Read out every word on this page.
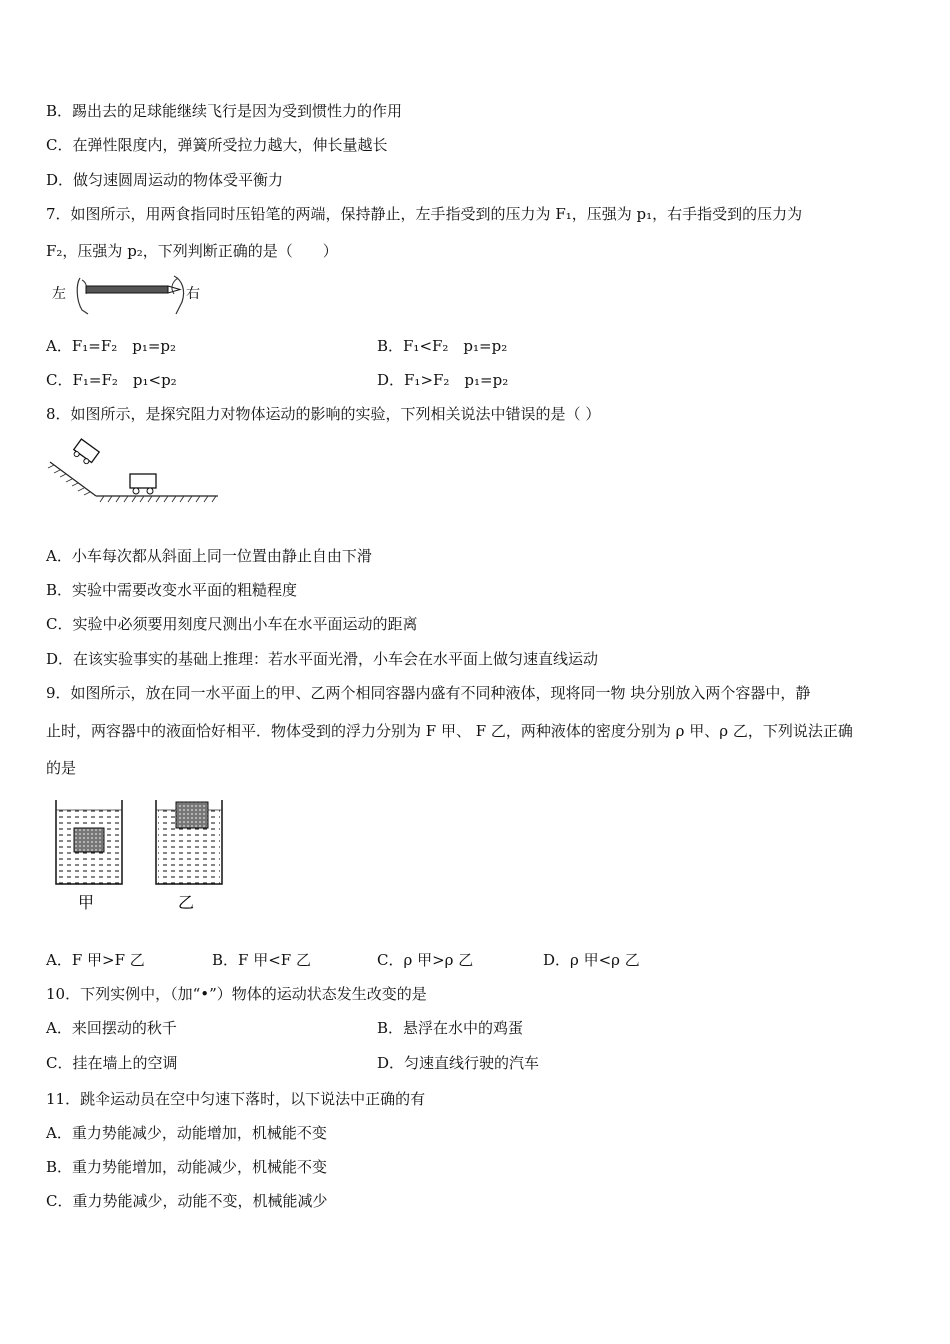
B．踢出去的足球能继续飞行是因为受到惯性力的作用
C．在弹性限度内，弹簧所受拉力越大，伸长量越长
D．做匀速圆周运动的物体受平衡力
7．如图所示，用两食指同时压铅笔的两端，保持静止，左手指受到的压力为 F₁，压强为 p₁，右手指受到的压力为
F₂，压强为 p₂，下列判断正确的是（　　）
左	右
A．F₁=F₂　p₁=p₂	B．F₁<F₂　p₁=p₂
C．F₁=F₂　p₁<p₂	D．F₁>F₂　p₁=p₂
8．如图所示，是探究阻力对物体运动的影响的实验，下列相关说法中错误的是（ ）
A．小车每次都从斜面上同一位置由静止自由下滑
B．实验中需要改变水平面的粗糙程度
C．实验中必须要用刻度尺测出小车在水平面运动的距离
D．在该实验事实的基础上推理：若水平面光滑，小车会在水平面上做匀速直线运动
9．如图所示，放在同一水平面上的甲、乙两个相同容器内盛有不同种液体，现将同一物 块分别放入两个容器中，静
止时，两容器中的液面恰好相平．物体受到的浮力分别为 F 甲、 F 乙，两种液体的密度分别为 ρ 甲、ρ 乙，下列说法正确
的是
甲	乙
A．F 甲>F 乙	B．F 甲<F 乙	C．ρ 甲>ρ 乙	D．ρ 甲<ρ 乙
10．下列实例中，（加“•”）物体的运动状态发生改变的是
A．来回摆动的秋千	B．悬浮在水中的鸡蛋
C．挂在墙上的空调	D．匀速直线行驶的汽车
11．跳伞运动员在空中匀速下落时，以下说法中正确的有
A．重力势能减少，动能增加，机械能不变
B．重力势能增加，动能减少，机械能不变
C．重力势能减少，动能不变，机械能减少
